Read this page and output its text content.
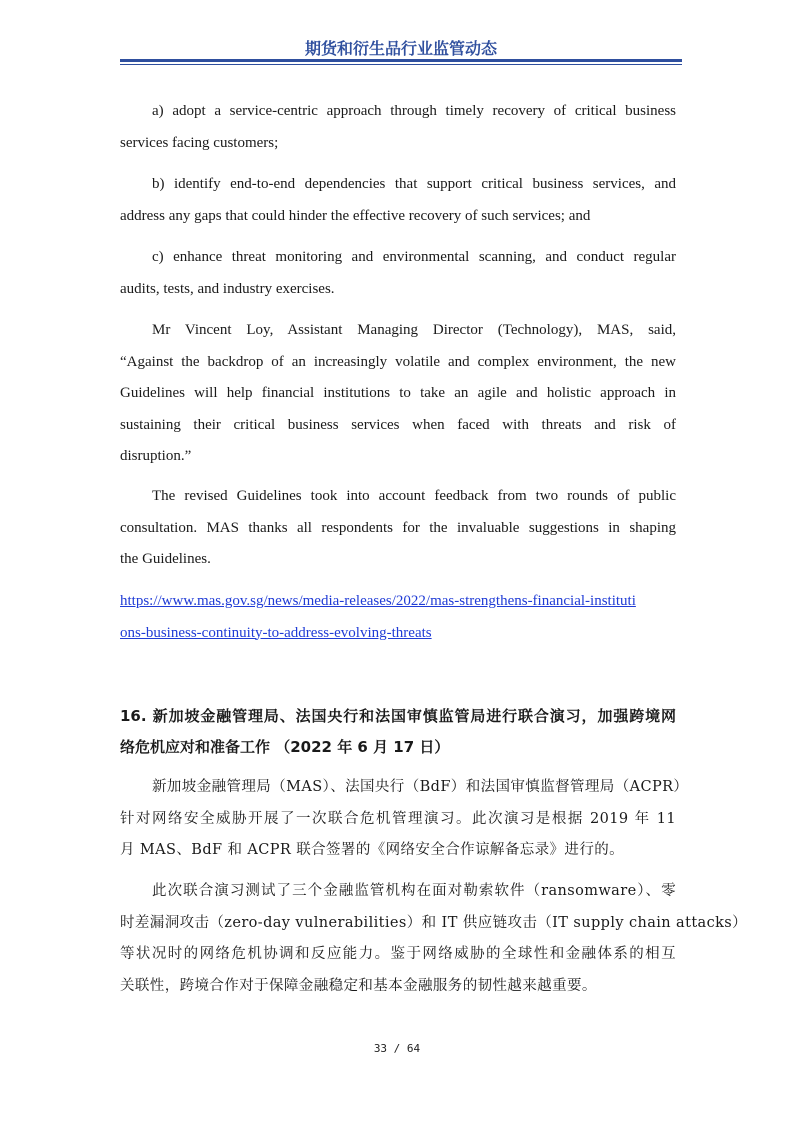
期货和衍生品行业监管动态
a) adopt a service-centric approach through timely recovery of critical business
services facing customers;
b) identify end-to-end dependencies that support critical business services, and
address any gaps that could hinder the effective recovery of such services; and
c) enhance threat monitoring and environmental scanning, and conduct regular
audits, tests, and industry exercises.
Mr Vincent Loy, Assistant Managing Director (Technology), MAS, said,
“Against the backdrop of an increasingly volatile and complex environment, the new
Guidelines will help financial institutions to take an agile and holistic approach in
sustaining their critical business services when faced with threats and risk of
disruption.”
The revised Guidelines took into account feedback from two rounds of public
consultation. MAS thanks all respondents for the invaluable suggestions in shaping
the Guidelines.
https://www.mas.gov.sg/news/media-releases/2022/mas-strengthens-financial-instituti
ons-business-continuity-to-address-evolving-threats
16. 新加坡金融管理局、法国央行和法国审慎监管局进行联合演习，加强跨境网
络危机应对和准备工作 （2022 年 6 月 17 日）
新加坡金融管理局（MAS）、法国央行（BdF）和法国审慎监督管理局（ACPR）
针对网络安全威胁开展了一次联合危机管理演习。此次演习是根据 2019 年 11
月 MAS、BdF 和 ACPR 联合签署的《网络安全合作谅解备忘录》进行的。
此次联合演习测试了三个金融监管机构在面对勒索软件（ransomware）、零
时差漏洞攻击（zero-day vulnerabilities）和 IT 供应链攻击（IT supply chain attacks）
等状况时的网络危机协调和反应能力。鉴于网络威胁的全球性和金融体系的相互
关联性，跨境合作对于保障金融稳定和基本金融服务的韧性越来越重要。
33 / 64
